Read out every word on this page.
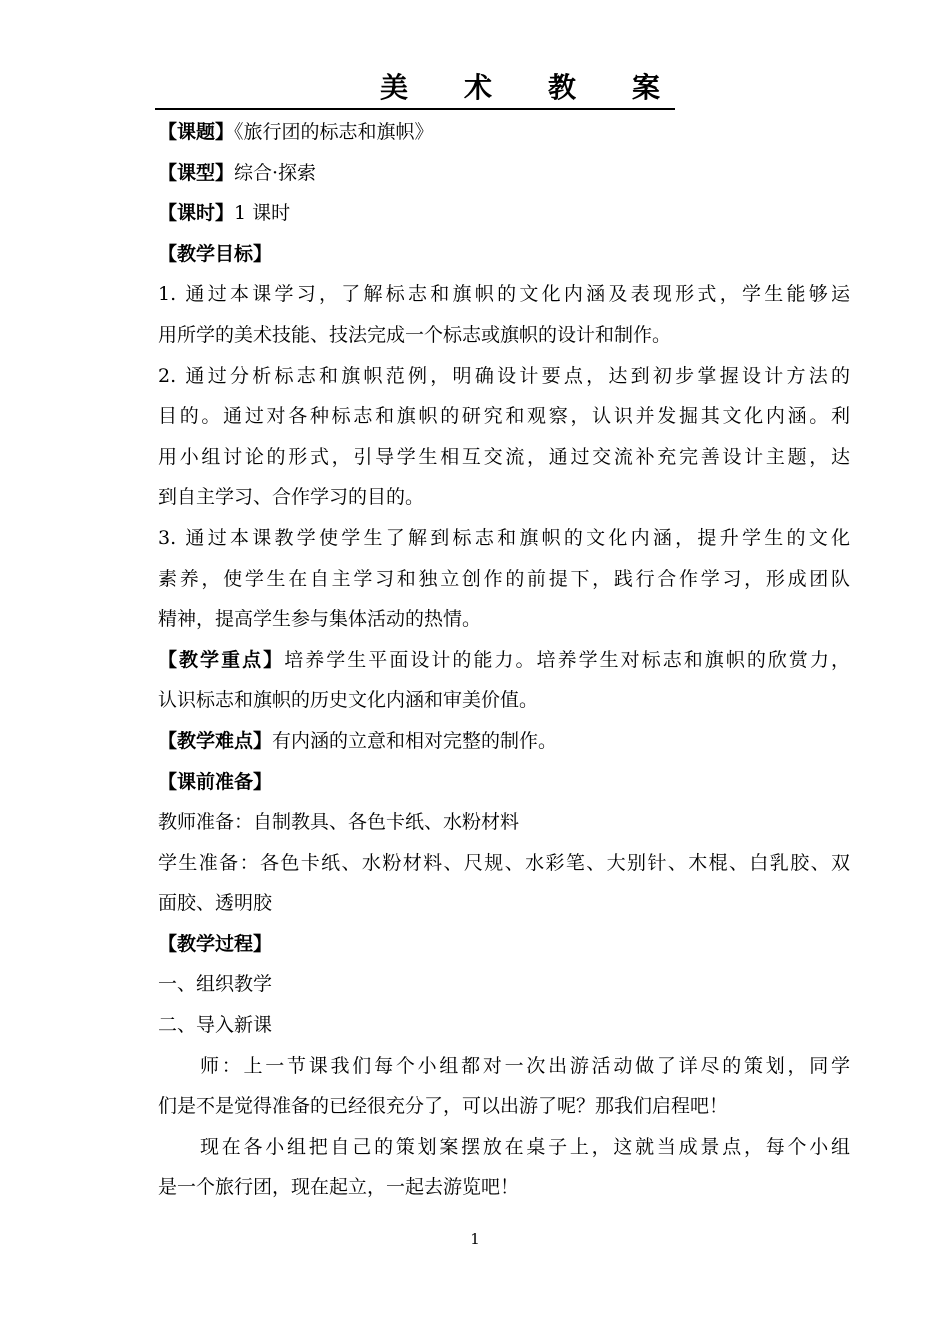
美术教案
【课题】《旅行团的标志和旗帜》
【课型】综合·探索
【课时】1 课时
【教学目标】
1. 通过本课学习，了解标志和旗帜的文化内涵及表现形式，学生能够运
用所学的美术技能、技法完成一个标志或旗帜的设计和制作。
2. 通过分析标志和旗帜范例，明确设计要点，达到初步掌握设计方法的
目的。通过对各种标志和旗帜的研究和观察，认识并发掘其文化内涵。利
用小组讨论的形式，引导学生相互交流，通过交流补充完善设计主题，达
到自主学习、合作学习的目的。
3. 通过本课教学使学生了解到标志和旗帜的文化内涵，提升学生的文化
素养，使学生在自主学习和独立创作的前提下，践行合作学习，形成团队
精神，提高学生参与集体活动的热情。
【教学重点】培养学生平面设计的能力。培养学生对标志和旗帜的欣赏力，
认识标志和旗帜的历史文化内涵和审美价值。
【教学难点】有内涵的立意和相对完整的制作。
【课前准备】
教师准备：自制教具、各色卡纸、水粉材料
学生准备：各色卡纸、水粉材料、尺规、水彩笔、大别针、木棍、白乳胶、双
面胶、透明胶
【教学过程】
一、组织教学
二、导入新课
师：上一节课我们每个小组都对一次出游活动做了详尽的策划，同学
们是不是觉得准备的已经很充分了，可以出游了呢？那我们启程吧！
现在各小组把自己的策划案摆放在桌子上，这就当成景点，每个小组
是一个旅行团，现在起立，一起去游览吧！
1
